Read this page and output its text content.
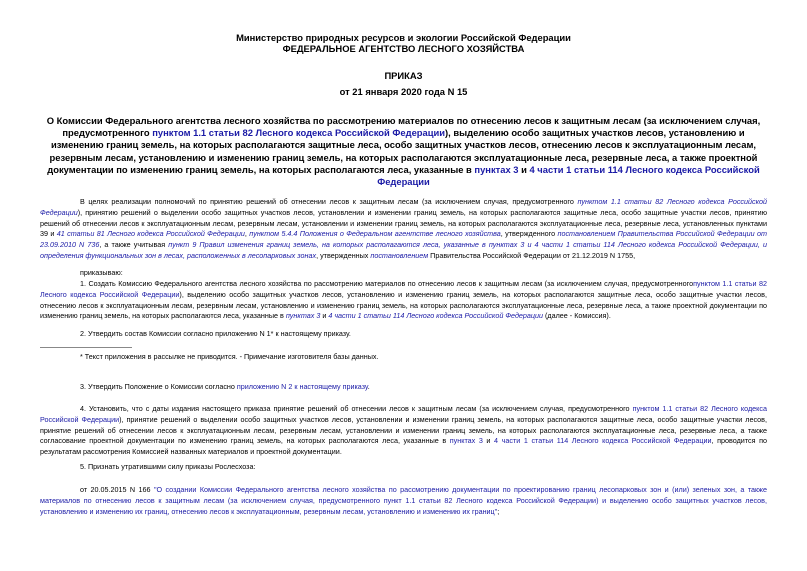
Министерство природных ресурсов и экологии Российской Федерации
ФЕДЕРАЛЬНОЕ АГЕНТСТВО ЛЕСНОГО ХОЗЯЙСТВА
ПРИКАЗ
от 21 января 2020 года N 15
О Комиссии Федерального агентства лесного хозяйства по рассмотрению материалов по отнесению лесов к защитным лесам (за исключением случая, предусмотренного пунктом 1.1 статьи 82 Лесного кодекса Российской Федерации), выделению особо защитных участков лесов, установлению и изменению границ земель, на которых располагаются защитные леса, особо защитных участков лесов, отнесению лесов к эксплуатационным лесам, резервным лесам, установлению и изменению границ земель, на которых располагаются эксплуатационные леса, резервные леса, а также проектной документации по изменению границ земель, на которых располагаются леса, указанные в пунктах 3 и 4 части 1 статьи 114 Лесного кодекса Российской Федерации
В целях реализации полномочий по принятию решений об отнесении лесов к защитным лесам (за исключением случая, предусмотренного пунктом 1.1 статьи 82 Лесного кодекса Российской Федерации), принятию решений о выделении особо защитных участков лесов, установлении и изменении границ земель, на которых располагаются защитные леса, особо защитные участки лесов, принятию решений об отнесении лесов к эксплуатационным лесам, резервным лесам, установлении и изменении границ земель, на которых располагаются эксплуатационные леса, резервные леса, установленных пунктами 39 и 41 статьи 81 Лесного кодекса Российской Федерации, пунктом 5.4.4 Положения о Федеральном агентстве лесного хозяйства, утвержденного постановлением Правительства Российской Федерации от 23.09.2010 N 736, а также учитывая пункт 9 Правил изменения границ земель, на которых располагаются леса, указанные в пунктах 3 и 4 части 1 статьи 114 Лесного кодекса Российской Федерации, и определения функциональных зон в лесах, расположенных в лесопарковых зонах, утвержденных постановлением Правительства Российской Федерации от 21.12.2019 N 1755,
приказываю:
1. Создать Комиссию Федерального агентства лесного хозяйства по рассмотрению материалов по отнесению лесов к защитным лесам (за исключением случая, предусмотренногопунктом 1.1 статьи 82 Лесного кодекса Российской Федерации), выделению особо защитных участков лесов, установлению и изменению границ земель, на которых располагаются защитные леса, особо защитные участки лесов, отнесению лесов к эксплуатационным лесам, резервным лесам, установлению и изменению границ земель, на которых располагаются эксплуатационные леса, резервные леса, а также проектной документации по изменению границ земель, на которых располагаются леса, указанные в пунктах 3 и 4 части 1 статьи 114 Лесного кодекса Российской Федерации (далее - Комиссия).
2. Утвердить состав Комиссии согласно приложению N 1* к настоящему приказу.
* Текст приложения в рассылке не приводится. - Примечание изготовителя базы данных.
3. Утвердить Положение о Комиссии согласно приложению N 2 к настоящему приказу.
4. Установить, что с даты издания настоящего приказа принятие решений об отнесении лесов к защитным лесам (за исключением случая, предусмотренного пунктом 1.1 статьи 82 Лесного кодекса Российской Федерации), принятие решений о выделении особо защитных участков лесов, установлении и изменении границ земель, на которых располагаются защитные леса, особо защитные участки лесов, принятие решений об отнесении лесов к эксплуатационным лесам, резервным лесам, установлении и изменении границ земель, на которых располагаются эксплуатационные леса, резервные леса, а также согласование проектной документации по изменению границ земель, на которых располагаются леса, указанные в пунктах 3 и 4 части 1 статьи 114 Лесного кодекса Российской Федерации, проводится по результатам рассмотрения Комиссией названных материалов и проектной документации.
5. Признать утратившими силу приказы Рослесхоза:
от 20.05.2015 N 166 "О создании Комиссии Федерального агентства лесного хозяйства по рассмотрению документации по проектированию границ лесопарковых зон и (или) зеленых зон, а также материалов по отнесению лесов к защитным лесам (за исключением случая, предусмотренного пункт 1.1 статьи 82 Лесного кодекса Российской Федерации) и выделению особо защитных участков лесов, установлению и изменению их границ, отнесению лесов к эксплуатационным, резервным лесам, установлению и изменению их границ";
